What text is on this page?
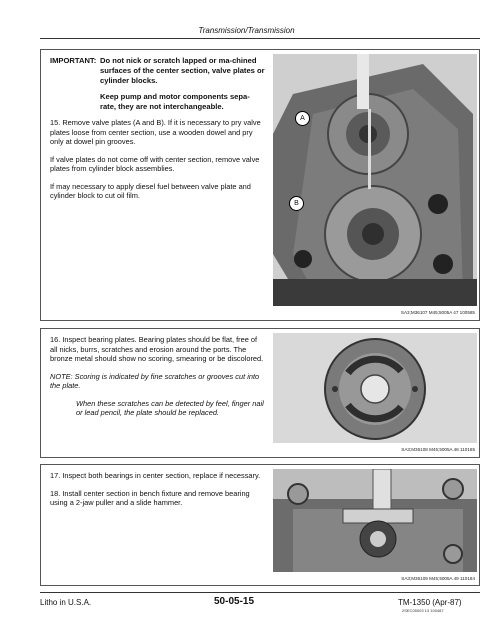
Transmission/Transmission
IMPORTANT: Do not nick or scratch lapped or ma-chined surfaces of the center section, valve plates or cylinder blocks.

Keep pump and motor components sepa-rate, they are not interchangeable.

15. Remove valve plates (A and B). If it is necessary to pry valve plates loose from center section, use a wooden dowel and pry only at dowel pin grooves.

If valve plates do not come off with center section, remove valve plates from cylinder block assemblies.

If may necessary to apply diesel fuel between valve plate and cylinder block to cut oil film.

A
B
SA3;M36107 M45;5005A 47 100585

16. Inspect bearing plates. Bearing plates should be flat, free of all nicks, burrs, scratches and erosion around the ports. The bronze metal should show no scoring, smearing or be discolored.

NOTE: Scoring is indicated by fine scratches or grooves cut into the plate.

When these scratches can be detected by feel, finger nail or lead pencil, the plate should be replaced.

SA3;M36108 M45;5005A 48 110185

17. Inspect both bearings in center section, replace if necessary.

18. Install center section in bench fixture and remove bearing using a 2-jaw puller and a slide hammer.

SA3;M36109 M45;5005A 49 110184
Litho in U.S.A.	50-05-15	TM-1350 (Apr-87)
2SEC05003 13 100487
